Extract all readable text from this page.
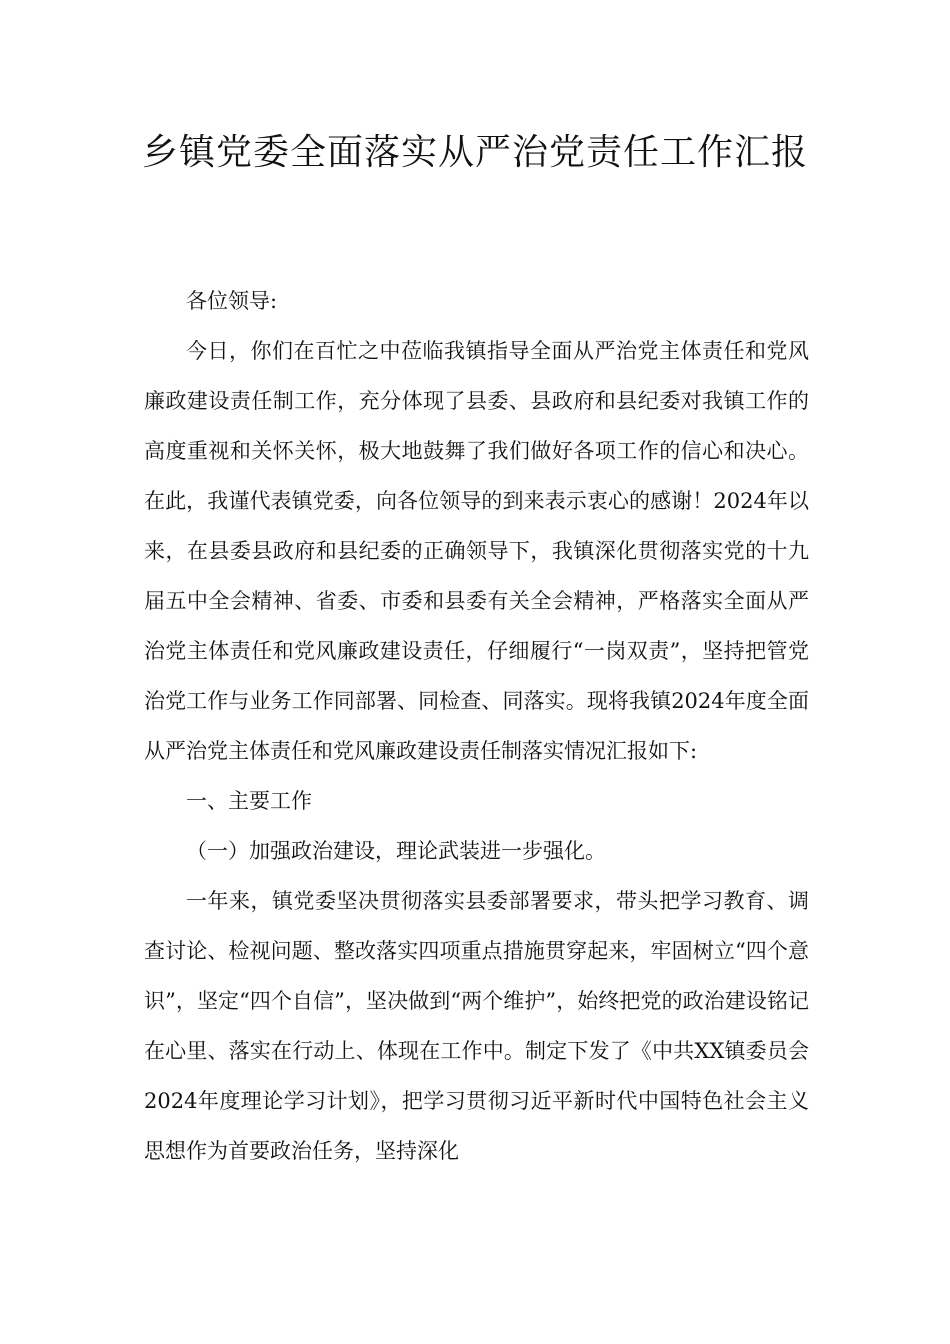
乡镇党委全面落实从严治党责任工作汇报

各位领导:

今日，你们在百忙之中莅临我镇指导全面从严治党主体责任和党风廉政建设责任制工作，充分体现了县委、县政府和县纪委对我镇工作的高度重视和关怀关怀，极大地鼓舞了我们做好各项工作的信心和决心。在此，我谨代表镇党委，向各位领导的到来表示衷心的感谢！2024年以来，在县委县政府和县纪委的正确领导下，我镇深化贯彻落实党的十九届五中全会精神、省委、市委和县委有关全会精神，严格落实全面从严治党主体责任和党风廉政建设责任，仔细履行“一岗双责”，坚持把管党治党工作与业务工作同部署、同检查、同落实。现将我镇2024年度全面从严治党主体责任和党风廉政建设责任制落实情况汇报如下:

一、主要工作

（一）加强政治建设，理论武装进一步强化。

一年来，镇党委坚决贯彻落实县委部署要求，带头把学习教育、调查讨论、检视问题、整改落实四项重点措施贯穿起来，牢固树立“四个意识”，坚定“四个自信”，坚决做到“两个维护”，始终把党的政治建设铭记在心里、落实在行动上、体现在工作中。制定下发了《中共XX镇委员会2024年度理论学习计划》，把学习贯彻习近平新时代中国特色社会主义思想作为首要政治任务，坚持深化
